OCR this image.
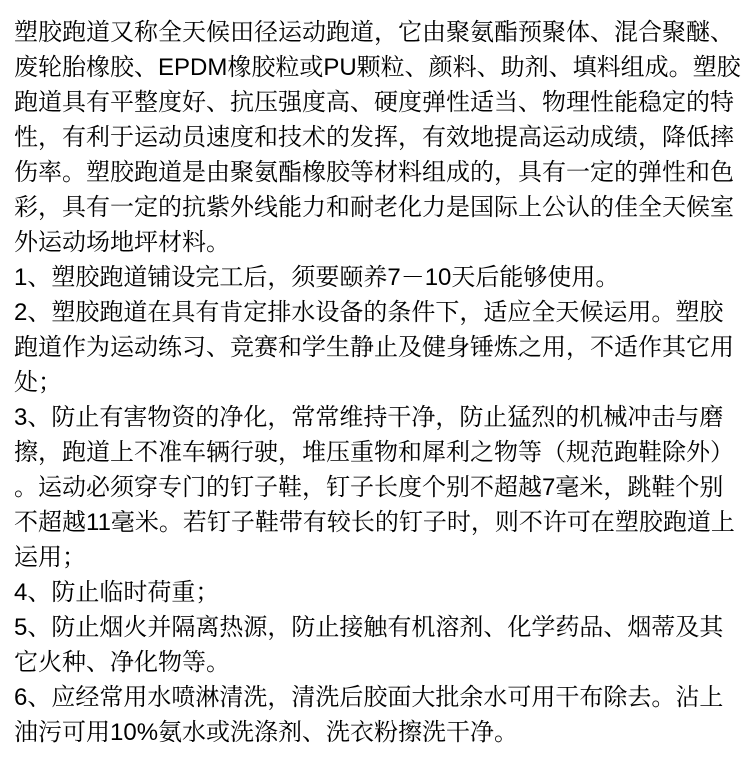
塑胶跑道又称全天候田径运动跑道，它由聚氨酯预聚体、混合聚醚、废轮胎橡胶、EPDM橡胶粒或PU颗粒、颜料、助剂、填料组成。塑胶跑道具有平整度好、抗压强度高、硬度弹性适当、物理性能稳定的特性，有利于运动员速度和技术的发挥，有效地提高运动成绩，降低摔伤率。塑胶跑道是由聚氨酯橡胶等材料组成的，具有一定的弹性和色彩，具有一定的抗紫外线能力和耐老化力是国际上公认的佳全天候室外运动场地坪材料。

1、塑胶跑道铺设完工后，须要颐养7－10天后能够使用。

2、塑胶跑道在具有肯定排水设备的条件下，适应全天候运用。塑胶跑道作为运动练习、竞赛和学生静止及健身锤炼之用，不适作其它用处；

3、防止有害物资的净化，常常维持干净，防止猛烈的机械冲击与磨擦，跑道上不准车辆行驶，堆压重物和犀利之物等（规范跑鞋除外）。运动必须穿专门的钉子鞋，钉子长度个别不超越7毫米，跳鞋个别不超越11毫米。若钉子鞋带有较长的钉子时，则不许可在塑胶跑道上运用；

4、防止临时荷重；

5、防止烟火并隔离热源，防止接触有机溶剂、化学药品、烟蒂及其它火种、净化物等。

6、应经常用水喷淋清洗，清洗后胶面大批余水可用干布除去。沾上油污可用10%氨水或洗涤剂、洗衣粉擦洗干净。
